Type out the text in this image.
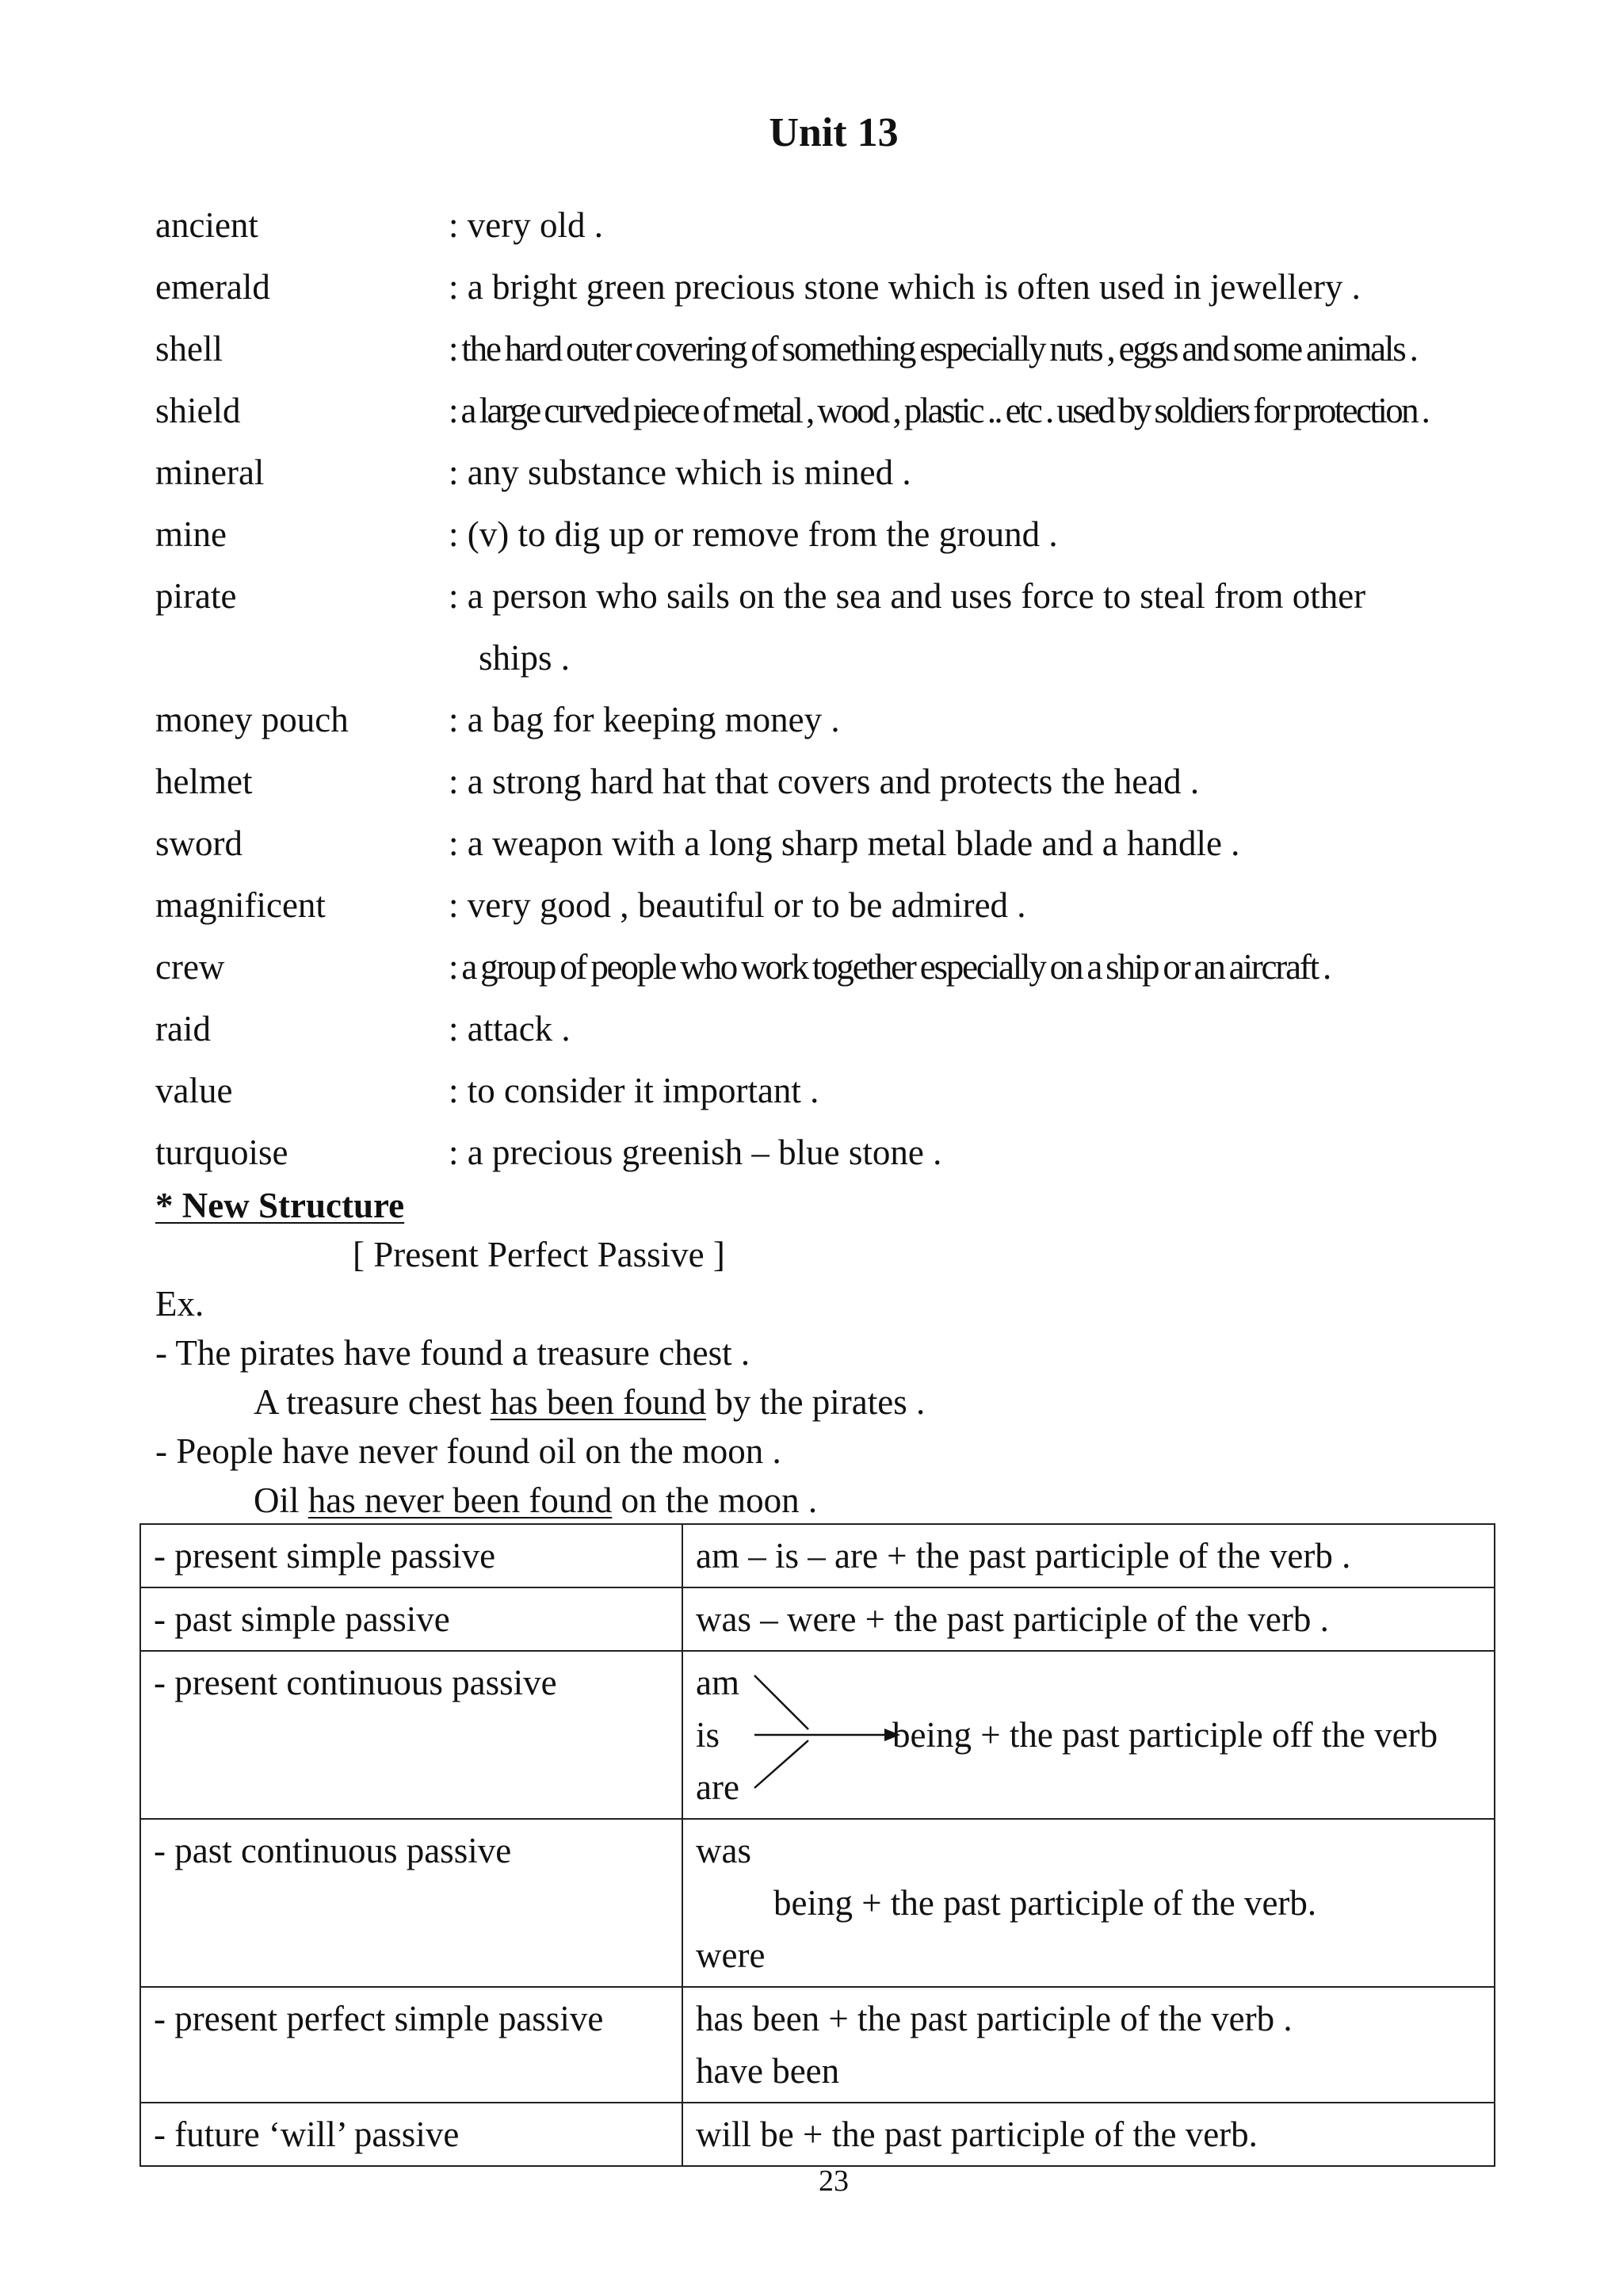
Unit 13
ancient	: very old .
emerald	: a bright green precious stone which is often used in jewellery .
shell	: the hard outer covering of something especially nuts , eggs and some animals .
shield	: a large curved piece of metal , wood , plastic .. etc . used by soldiers for protection .
mineral	: any substance which is mined .
mine	: (v) to dig up or remove from the ground .
pirate	: a person who sails on the sea and uses force to steal from other
ships .
money pouch	: a bag for keeping money .
helmet	: a strong hard hat that covers and protects the head .
sword	: a weapon with a long sharp metal blade and a handle .
magnificent	: very good , beautiful or to be admired .
crew	: a group of people who work together especially on a ship or an aircraft .
raid	: attack .
value	: to consider it important .
turquoise	: a precious greenish – blue stone .
* New Structure
[ Present Perfect Passive ]
Ex.
- The pirates have found a treasure chest .
A treasure chest has been found by the pirates .
- People have never found oil on the moon .
Oil has never been found on the moon .
- present simple passive	am – is – are + the past participle of the verb .
- past simple passive	was – were + the past participle of the verb .
- present continuous passive	am
is
are
being + the past participle off the verb

- past continuous passive	was
being + the past participle of the verb.
were

- present perfect simple passive	has been + the past participle of the verb .
have been

- future ‘will’ passive	will be + the past participle of the verb.
23
